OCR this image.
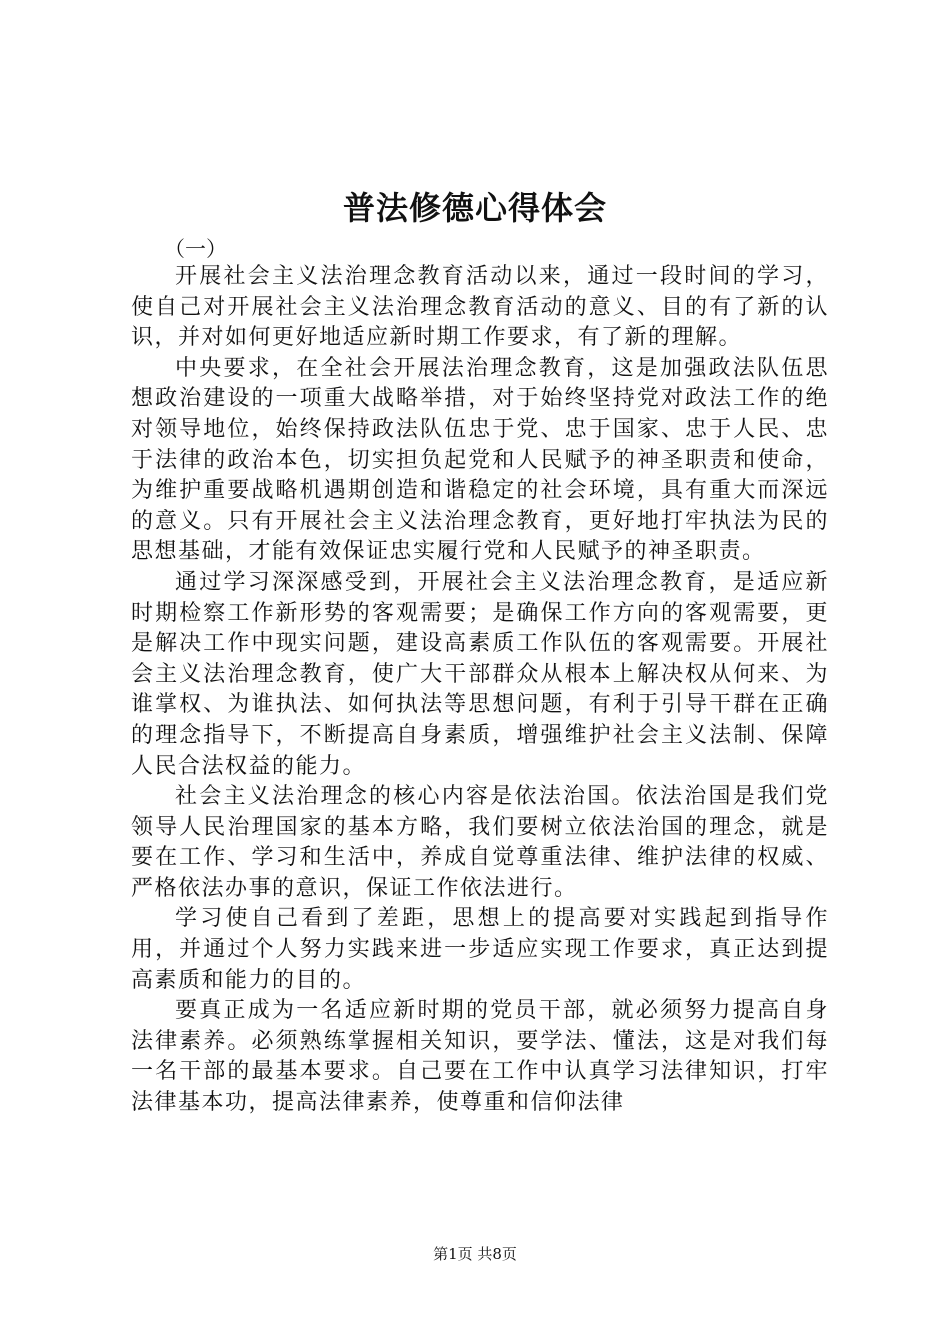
普法修德心得体会
（一）

开展社会主义法治理念教育活动以来，通过一段时间的学习，使自己对开展社会主义法治理念教育活动的意义、目的有了新的认识，并对如何更好地适应新时期工作要求，有了新的理解。

中央要求，在全社会开展法治理念教育，这是加强政法队伍思想政治建设的一项重大战略举措，对于始终坚持党对政法工作的绝对领导地位，始终保持政法队伍忠于党、忠于国家、忠于人民、忠于法律的政治本色，切实担负起党和人民赋予的神圣职责和使命，为维护重要战略机遇期创造和谐稳定的社会环境，具有重大而深远的意义。只有开展社会主义法治理念教育，更好地打牢执法为民的思想基础，才能有效保证忠实履行党和人民赋予的神圣职责。

通过学习深深感受到，开展社会主义法治理念教育，是适应新时期检察工作新形势的客观需要；是确保工作方向的客观需要，更是解决工作中现实问题，建设高素质工作队伍的客观需要。开展社会主义法治理念教育，使广大干部群众从根本上解决权从何来、为谁掌权、为谁执法、如何执法等思想问题，有利于引导干群在正确的理念指导下，不断提高自身素质，增强维护社会主义法制、保障人民合法权益的能力。

社会主义法治理念的核心内容是依法治国。依法治国是我们党领导人民治理国家的基本方略，我们要树立依法治国的理念，就是要在工作、学习和生活中，养成自觉尊重法律、维护法律的权威、严格依法办事的意识，保证工作依法进行。

学习使自己看到了差距，思想上的提高要对实践起到指导作用，并通过个人努力实践来进一步适应实现工作要求，真正达到提高素质和能力的目的。

要真正成为一名适应新时期的党员干部，就必须努力提高自身法律素养。必须熟练掌握相关知识，要学法、懂法，这是对我们每一名干部的最基本要求。自己要在工作中认真学习法律知识，打牢法律基本功，提高法律素养，使尊重和信仰法律

第1页 共8页
